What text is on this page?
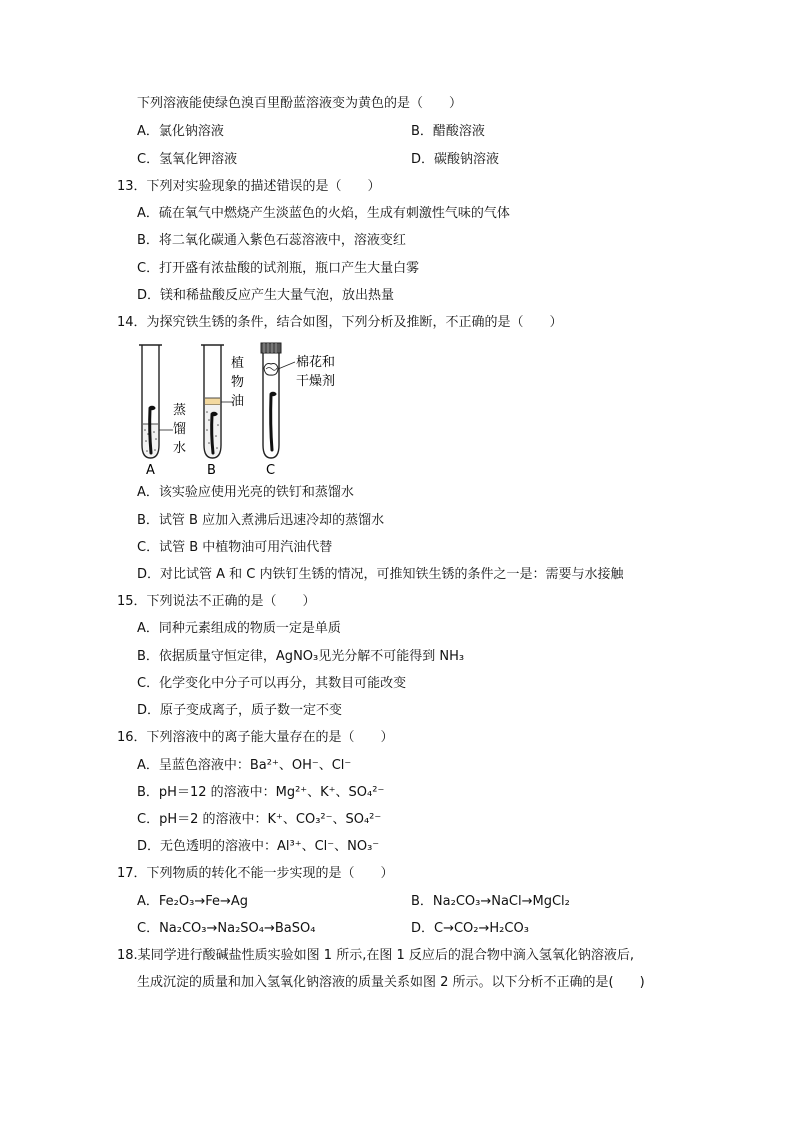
下列溶液能使绿色溴百里酚蓝溶液变为黄色的是（　　）
A．氯化钠溶液	B．醋酸溶液
C．氢氧化钾溶液	D．碳酸钠溶液
13．下列对实验现象的描述错误的是（　　）
A．硫在氧气中燃烧产生淡蓝色的火焰，生成有刺激性气味的气体
B．将二氧化碳通入紫色石蕊溶液中，溶液变红
C．打开盛有浓盐酸的试剂瓶，瓶口产生大量白雾
D．镁和稀盐酸反应产生大量气泡，放出热量
14．为探究铁生锈的条件，结合如图，下列分析及推断，不正确的是（　　）
蒸
馏
水
A
植
物
油
B
棉花和
干燥剂
C
A．该实验应使用光亮的铁钉和蒸馏水
B．试管 B 应加入煮沸后迅速冷却的蒸馏水
C．试管 B 中植物油可用汽油代替
D．对比试管 A 和 C 内铁钉生锈的情况，可推知铁生锈的条件之一是：需要与水接触
15．下列说法不正确的是（　　）
A．同种元素组成的物质一定是单质
B．依据质量守恒定律，AgNO₃见光分解不可能得到 NH₃
C．化学变化中分子可以再分，其数目可能改变
D．原子变成离子，质子数一定不变
16．下列溶液中的离子能大量存在的是（　　）
A．呈蓝色溶液中：Ba²⁺、OH⁻、Cl⁻
B．pH＝12 的溶液中：Mg²⁺、K⁺、SO₄²⁻
C．pH＝2 的溶液中：K⁺、CO₃²⁻、SO₄²⁻
D．无色透明的溶液中：Al³⁺、Cl⁻、NO₃⁻
17．下列物质的转化不能一步实现的是（　　）
A．Fe₂O₃→Fe→Ag	B．Na₂CO₃→NaCl→MgCl₂
C．Na₂CO₃→Na₂SO₄→BaSO₄	D．C→CO₂→H₂CO₃
18.某同学进行酸碱盐性质实验如图 1 所示,在图 1 反应后的混合物中滴入氢氧化钠溶液后,
生成沉淀的质量和加入氢氧化钠溶液的质量关系如图 2 所示。以下分析不正确的是(　　)
